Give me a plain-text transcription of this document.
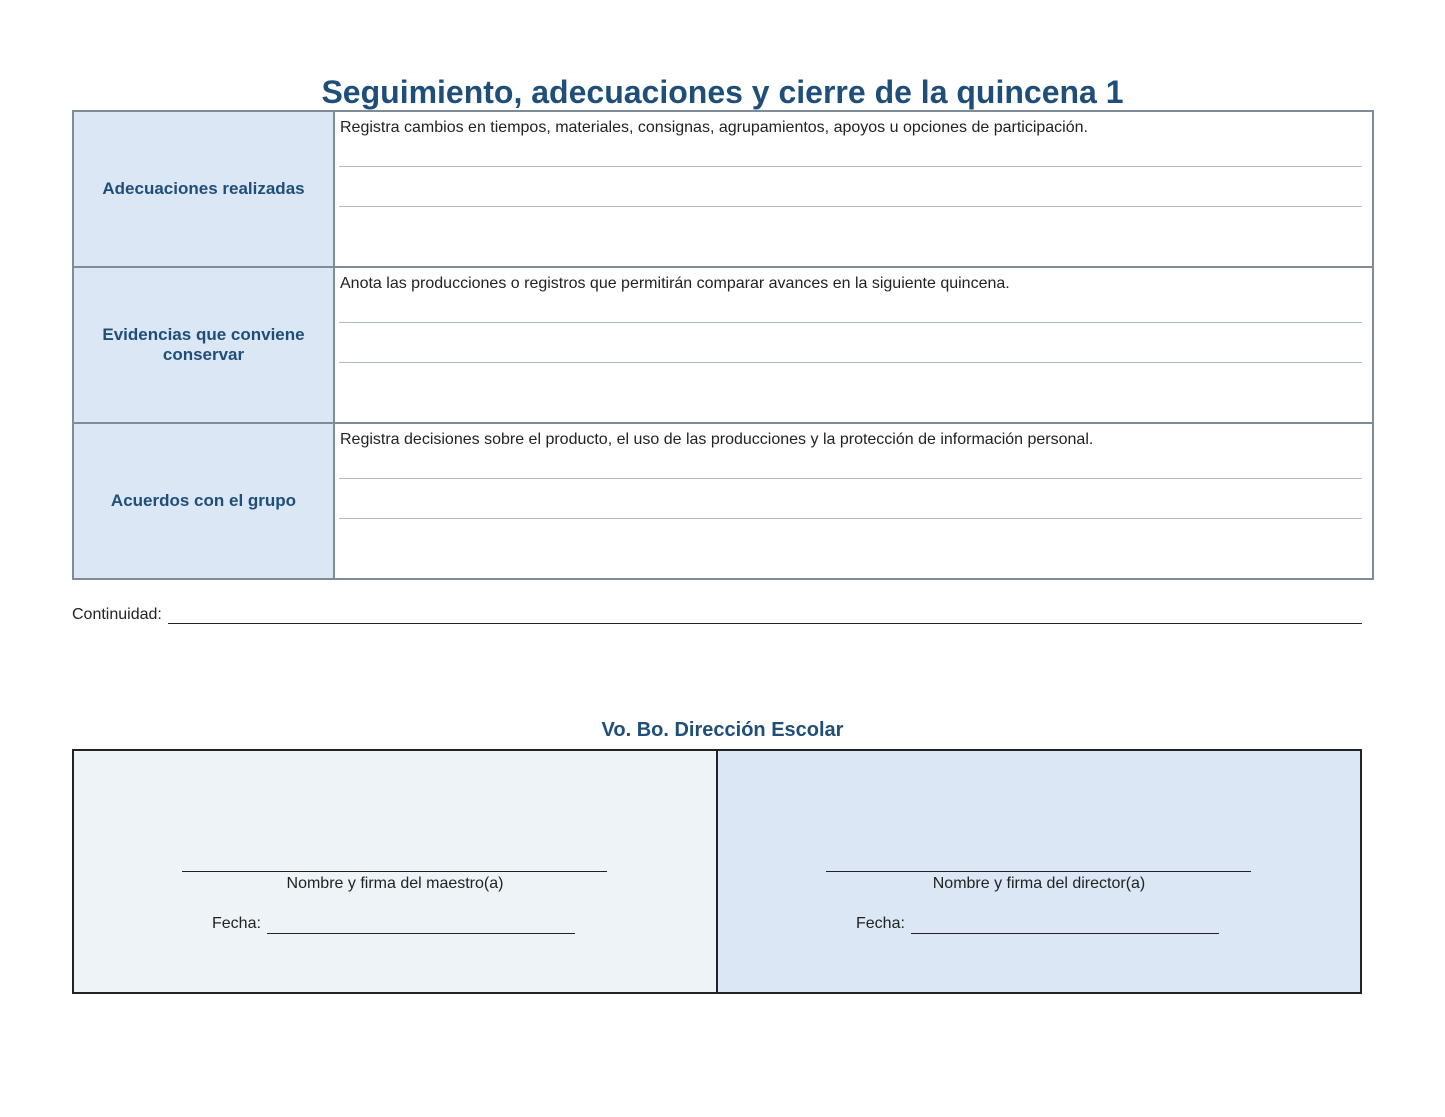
Seguimiento, adecuaciones y cierre de la quincena 1
Adecuaciones realizadas	Registra cambios en tiempos, materiales, consignas, agrupamientos, apoyos u opciones de participación.

Evidencias que conviene conservar	Anota las producciones o registros que permitirán comparar avances en la siguiente quincena.

Acuerdos con el grupo	Registra decisiones sobre el producto, el uso de las producciones y la protección de información personal.
Continuidad:
Vo. Bo. Dirección Escolar
Nombre y firma del maestro(a)
Fecha:
Nombre y firma del director(a)
Fecha:
